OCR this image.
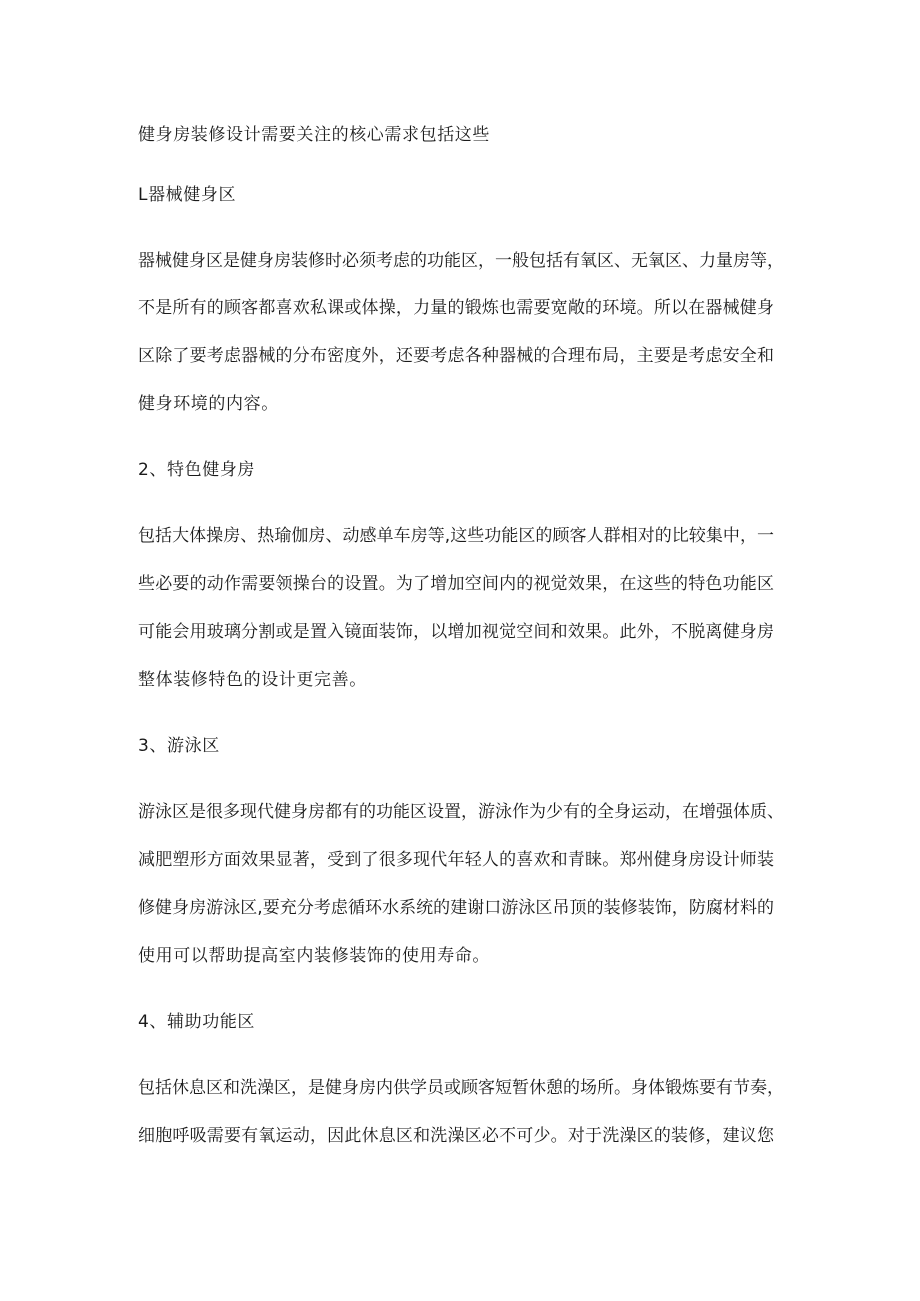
健身房装修设计需要关注的核心需求包括这些

L器械健身区

器械健身区是健身房装修时必须考虑的功能区，一般包括有氧区、无氧区、力量房等，

不是所有的顾客都喜欢私课或体操，力量的锻炼也需要宽敞的环境。所以在器械健身

区除了要考虑器械的分布密度外，还要考虑各种器械的合理布局，主要是考虑安全和

健身环境的内容。

2、特色健身房

包括大体操房、热瑜伽房、动感单车房等,这些功能区的顾客人群相对的比较集中，一

些必要的动作需要领操台的设置。为了增加空间内的视觉效果，在这些的特色功能区

可能会用玻璃分割或是置入镜面装饰，以增加视觉空间和效果。此外，不脱离健身房

整体装修特色的设计更完善。

3、游泳区

游泳区是很多现代健身房都有的功能区设置，游泳作为少有的全身运动，在增强体质、

减肥塑形方面效果显著，受到了很多现代年轻人的喜欢和青睐。郑州健身房设计师装

修健身房游泳区,要充分考虑循环水系统的建谢口游泳区吊顶的装修装饰，防腐材料的

使用可以帮助提高室内装修装饰的使用寿命。

4、辅助功能区

包括休息区和洗澡区，是健身房内供学员或顾客短暂休憩的场所。身体锻炼要有节奏，

细胞呼吸需要有氧运动，因此休息区和洗澡区必不可少。对于洗澡区的装修，建议您
